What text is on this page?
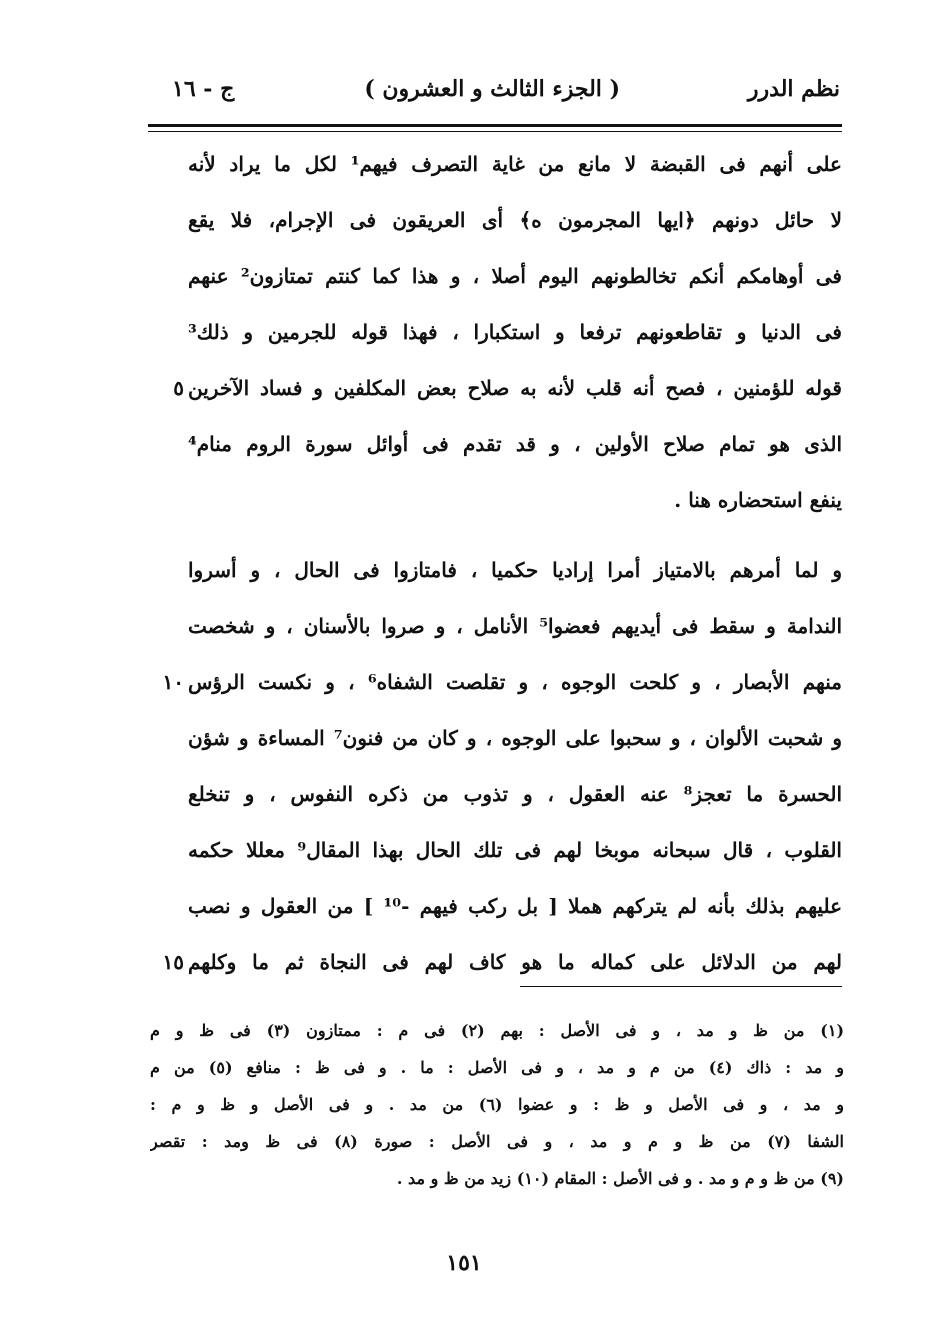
نظم الدرر
( الجزء الثالث و العشرون )
ج - ١٦
على أنهم فى القبضة لا مانع من غاية التصرف فيهم¹ لكل ما يراد لأنه
لا حائل دونهم ﴿ايها المجرمون ه﴾ أى العريقون فى الإجرام، فلا يقع
فى أوهامكم أنكم تخالطونهم اليوم أصلا ، و هذا كما كنتم تمتازون² عنهم
فى الدنيا و تقاطعونهم ترفعا و استكبارا ، فهذا قوله للجرمين و ذلك³
قوله للؤمنين ، فصح أنه قلب لأنه به صلاح بعض المكلفين و فساد الآخرين
٥
الذى هو تمام صلاح الأولين ، و قد تقدم فى أوائل سورة الروم منام⁴
ينفع استحضاره هنا .
و لما أمرهم بالامتياز أمرا إراديا حكميا ، فامتازوا فى الحال ، و أسروا
الندامة و سقط فى أيديهم فعضوا⁵ الأنامل ، و صروا بالأسنان ، و شخصت
منهم الأبصار ، و كلحت الوجوه ، و تقلصت الشفاه⁶ ، و نكست الرؤس
١٠
و شحبت الألوان ، و سحبوا على الوجوه ، و كان من فنون⁷ المساءة و شؤن
الحسرة ما تعجز⁸ عنه العقول ، و تذوب من ذكره النفوس ، و تنخلع
القلوب ، قال سبحانه موبخا لهم فى تلك الحال بهذا المقال⁹ معللا حكمه
عليهم بذلك بأنه لم يتركهم هملا [ بل ركب فيهم -¹⁰ ] من العقول و نصب
لهم من الدلائل على كماله ما هو كاف لهم فى النجاة ثم ما وكلهم
١٥
(١) من ظ و مد ، و فى الأصل : بهم (٢) فى م : ممتازون (٣) فى ظ و م
و مد : ذاك (٤) من م و مد ، و فى الأصل : ما . و فى ظ : منافع (٥) من م
و مد ، و فى الأصل و ظ : و عضوا (٦) من مد . و فى الأصل و ظ و م :
الشفا (٧) من ظ و م و مد ، و فى الأصل : صورة (٨) فى ظ ومد : تقصر
(٩) من ظ و م و مد . و فى الأصل : المقام (١٠) زيد من ظ و مد .
١٥١
